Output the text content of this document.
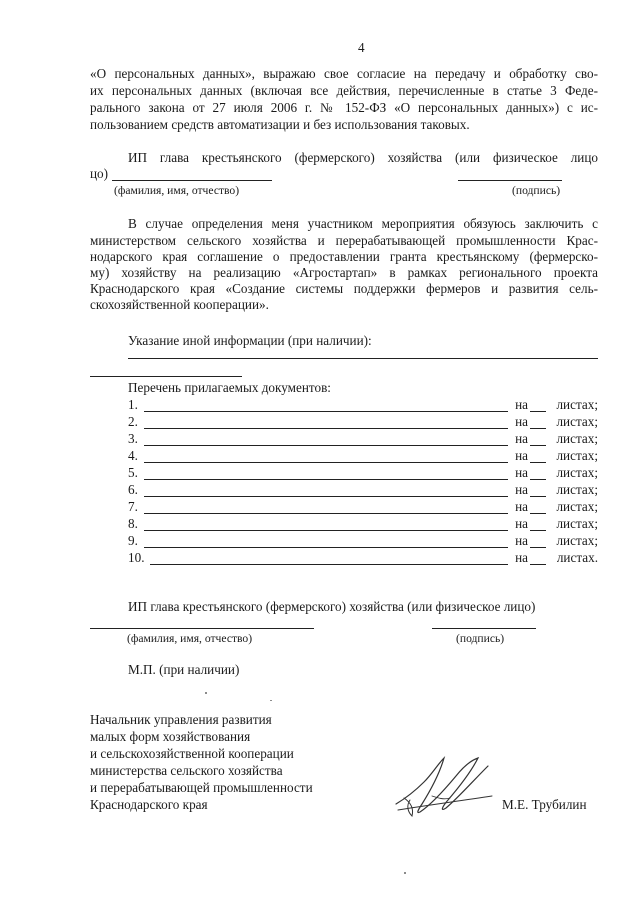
4
«О персональных данных», выражаю свое согласие на передачу и обработку сво-
их персональных данных (включая все действия, перечисленные в статье 3 Феде-
рального закона от 27 июля 2006 г. № 152-ФЗ «О персональных данных») с ис-
пользованием средств автоматизации и без использования таковых.
ИП глава крестьянского (фермерского) хозяйства (или физическое лицо
цо)
(фамилия, имя, отчество)	(подпись)
В случае определения меня участником мероприятия обязуюсь заключить с
министерством сельского хозяйства и перерабатывающей промышленности Крас-
нодарского края соглашение о предоставлении гранта крестьянскому (фермерско-
му) хозяйству на реализацию «Агростартап» в рамках регионального проекта
Краснодарского края «Создание системы поддержки фермеров и развития сель-
скохозяйственной кооперации».
Указание иной информации (при наличии):
Перечень прилагаемых документов:
1.	на листах;
2.	на листах;
3.	на листах;
4.	на листах;
5.	на листах;
6.	на листах;
7.	на листах;
8.	на листах;
9.	на листах;
10.	на листах.
ИП глава крестьянского (фермерского) хозяйства (или физическое лицо)
(фамилия, имя, отчество)	(подпись)
М.П. (при наличии)
Начальник управления развития
малых форм хозяйствования
и сельскохозяйственной кооперации
министерства сельского хозяйства
и перерабатывающей промышленности
Краснодарского края	М.Е. Трубилин
